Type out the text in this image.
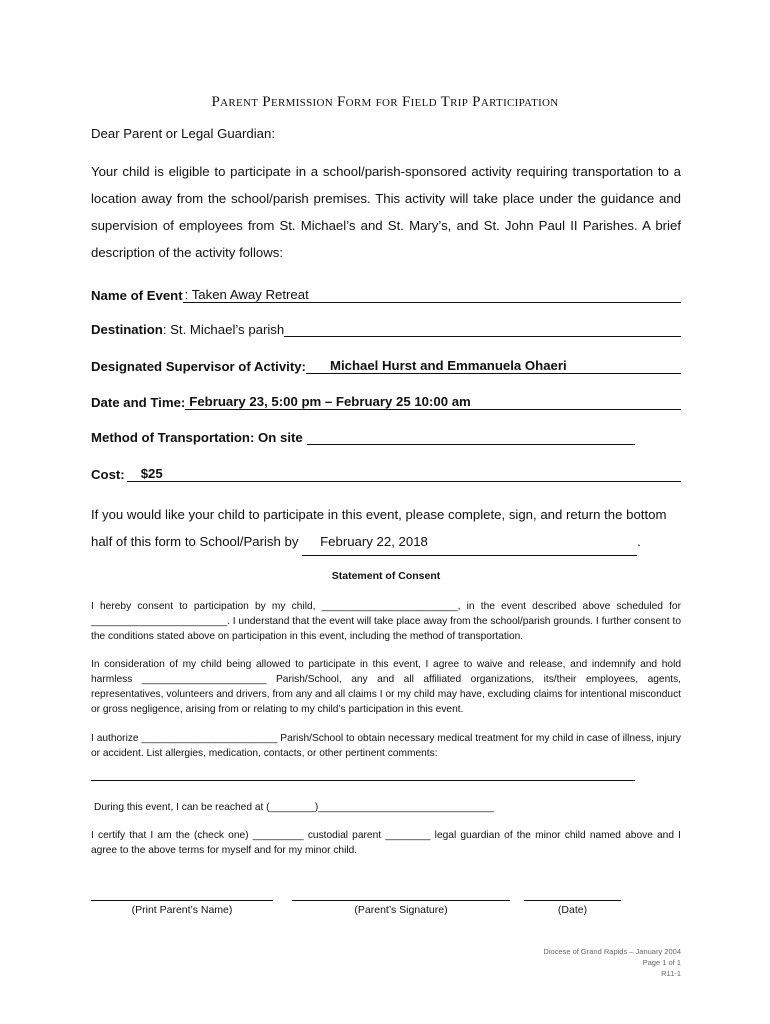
Parent Permission Form for Field Trip Participation
Dear Parent or Legal Guardian:
Your child is eligible to participate in a school/parish-sponsored activity requiring transportation to a location away from the school/parish premises. This activity will take place under the guidance and supervision of employees from St. Michael’s and St. Mary’s, and St. John Paul II Parishes. A brief description of the activity follows:
Name of Event : Taken Away Retreat
Destination : St. Michael’s parish
Designated Supervisor of Activity:	Michael Hurst and Emmanuela Ohaeri
Date and Time: February 23, 5:00 pm – February 25 10:00 am
Method of Transportation: On site
Cost:	$25
If you would like your child to participate in this event, please complete, sign, and return the bottom half of this form to School/Parish by February 22, 2018	.
Statement of Consent
I hereby consent to participation by my child, ________________________, in the event described above scheduled for ________________________. I understand that the event will take place away from the school/parish grounds. I further consent to the conditions stated above on participation in this event, including the method of transportation.
In consideration of my child being allowed to participate in this event, I agree to waive and release, and indemnify and hold harmless ______________________ Parish/School, any and all affiliated organizations, its/their employees, agents, representatives, volunteers and drivers, from any and all claims I or my child may have, excluding claims for intentional misconduct or gross negligence, arising from or relating to my child’s participation in this event.
I authorize ________________________ Parish/School to obtain necessary medical treatment for my child in case of illness, injury or accident. List allergies, medication, contacts, or other pertinent comments:
During this event, I can be reached at (________)_______________________________
I certify that I am the (check one) _________ custodial parent ________ legal guardian of the minor child named above and I agree to the above terms for myself and for my minor child.
(Print Parent’s Name)	(Parent’s Signature)	(Date)
Diocese of Grand Rapids – January 2004
Page 1 of 1
R11-1
